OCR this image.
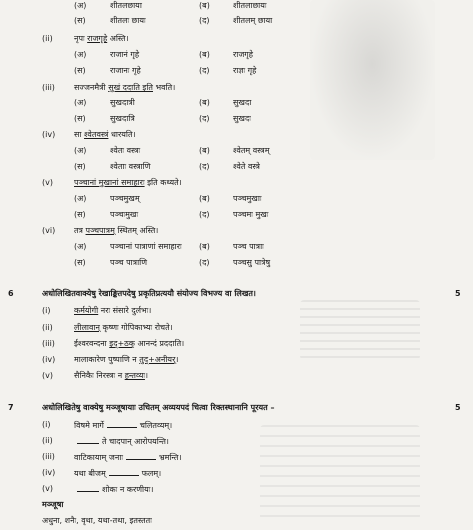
(अ)	शीतलछाया	(ब)	शीतलाछायः
(स)	शीतलः छायः	(द)	शीतलम् छाया
(ii)	नृपः राजगृहे अस्ति।
(अ)	राजानं गृहे	(ब)	राजगृहे
(स)	राजानः गृहे	(द)	राज्ञः गृहे
(iii) सज्जनमैत्री सुखं ददाति इति भवति।
(अ)	सुखदात्री	(ब)	सुखदा
(स)	सुखदात्रि	(द)	सुखदः
(iv) सा श्वेतवस्त्रं धारयति।
(अ)	श्वेतः वस्त्रः	(ब)	श्वेतम् वस्त्रम्
(स)	श्वेताः वस्त्राणि	(द)	श्वेते वस्त्रे
(v)	पञ्चानां मुखानां समाहारः इति कथ्यते।
(अ)	पञ्चमुखम्	(ब)	पञ्चमुखाः
(स)	पञ्चःमुखः	(द)	पञ्चमः मुखः
(vi) तत्र पञ्चपात्रम् स्थितम् अस्ति।
(अ)	पञ्चानां पात्राणां समाहारः (ब)	पञ्च पात्राः
(स)	पञ्च पात्राणि	(द)	पञ्चसु पात्रेषु
6	अधोलिखितवाक्येषु रेखाङ्कितपदेषु प्रकृतिप्रत्ययौ संयोज्य विभज्य वा लिखत।	5
(i)	कर्मयोगी नरः संसारे दुर्लभः।
(ii)	लीलावान् कृष्णः गोपिकाभ्यः रोचते।
(iii) ईश्वरवन्दना इद्+ठक् आनन्दं प्रददाति।
(iv) मालाकारेण पुष्पाणि न तुद्+अनीयर्।
(v)	सैनिकैः निरस्त्रः न हन्तव्यः।
7	अधोलिखितेषु वाक्येषु मञ्जूषायाः उचितम् अव्ययपदं चित्वा रिक्तस्थानानि पूरयत –	5
(i)	विषमे मार्गे	चलितव्यम्।
(ii)	ते चादपान् आरोपयन्ति।
(iii) वाटिकायाम् जनाः	भ्रमन्ति।
(iv) यथा बीजम्	फलम्।
(v)	शोकः न करणीयः।
मञ्जूषा
अधुना, शनैः, वृथा, यथा-तथा, इतस्ततः
